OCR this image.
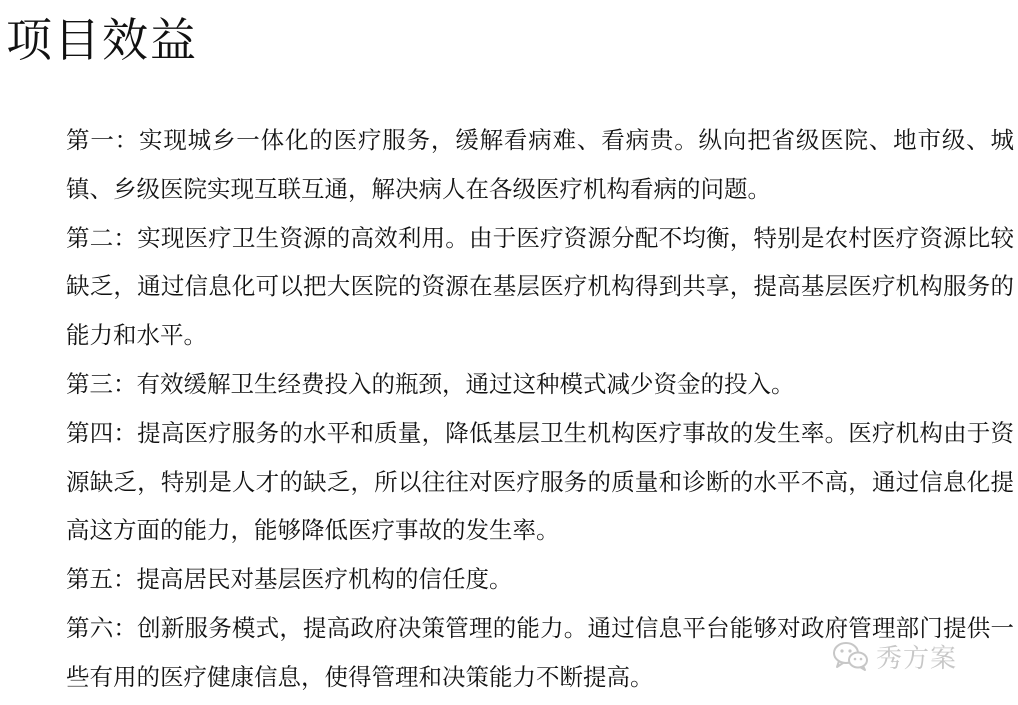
项目效益

第一：实现城乡一体化的医疗服务，缓解看病难、看病贵。纵向把省级医院、地市级、城镇、乡级医院实现互联互通，解决病人在各级医疗机构看病的问题。

第二：实现医疗卫生资源的高效利用。由于医疗资源分配不均衡，特别是农村医疗资源比较缺乏，通过信息化可以把大医院的资源在基层医疗机构得到共享，提高基层医疗机构服务的能力和水平。

第三：有效缓解卫生经费投入的瓶颈，通过这种模式减少资金的投入。

第四：提高医疗服务的水平和质量，降低基层卫生机构医疗事故的发生率。医疗机构由于资源缺乏，特别是人才的缺乏，所以往往对医疗服务的质量和诊断的水平不高，通过信息化提高这方面的能力，能够降低医疗事故的发生率。

第五：提高居民对基层医疗机构的信任度。

第六：创新服务模式，提高政府决策管理的能力。通过信息平台能够对政府管理部门提供一些有用的医疗健康信息，使得管理和决策能力不断提高。

秀方案
